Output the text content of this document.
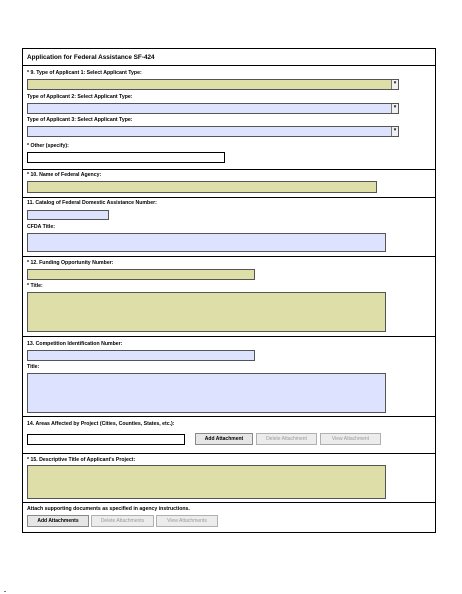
Application for Federal Assistance SF-424
* 9. Type of Applicant 1: Select Applicant Type:
▾
Type of Applicant 2: Select Applicant Type:
▾
Type of Applicant 3: Select Applicant Type:
▾
* Other (specify):
* 10. Name of Federal Agency:
11. Catalog of Federal Domestic Assistance Number:
CFDA Title:
* 12. Funding Opportunity Number:
* Title:
13. Competition Identification Number:
Title:
14. Areas Affected by Project (Cities, Counties, States, etc.):
Add Attachment	Delete Attachment	View Attachment
* 15. Descriptive Title of Applicant's Project:
Attach supporting documents as specified in agency instructions.
Add Attachments	Delete Attachments	View Attachments
